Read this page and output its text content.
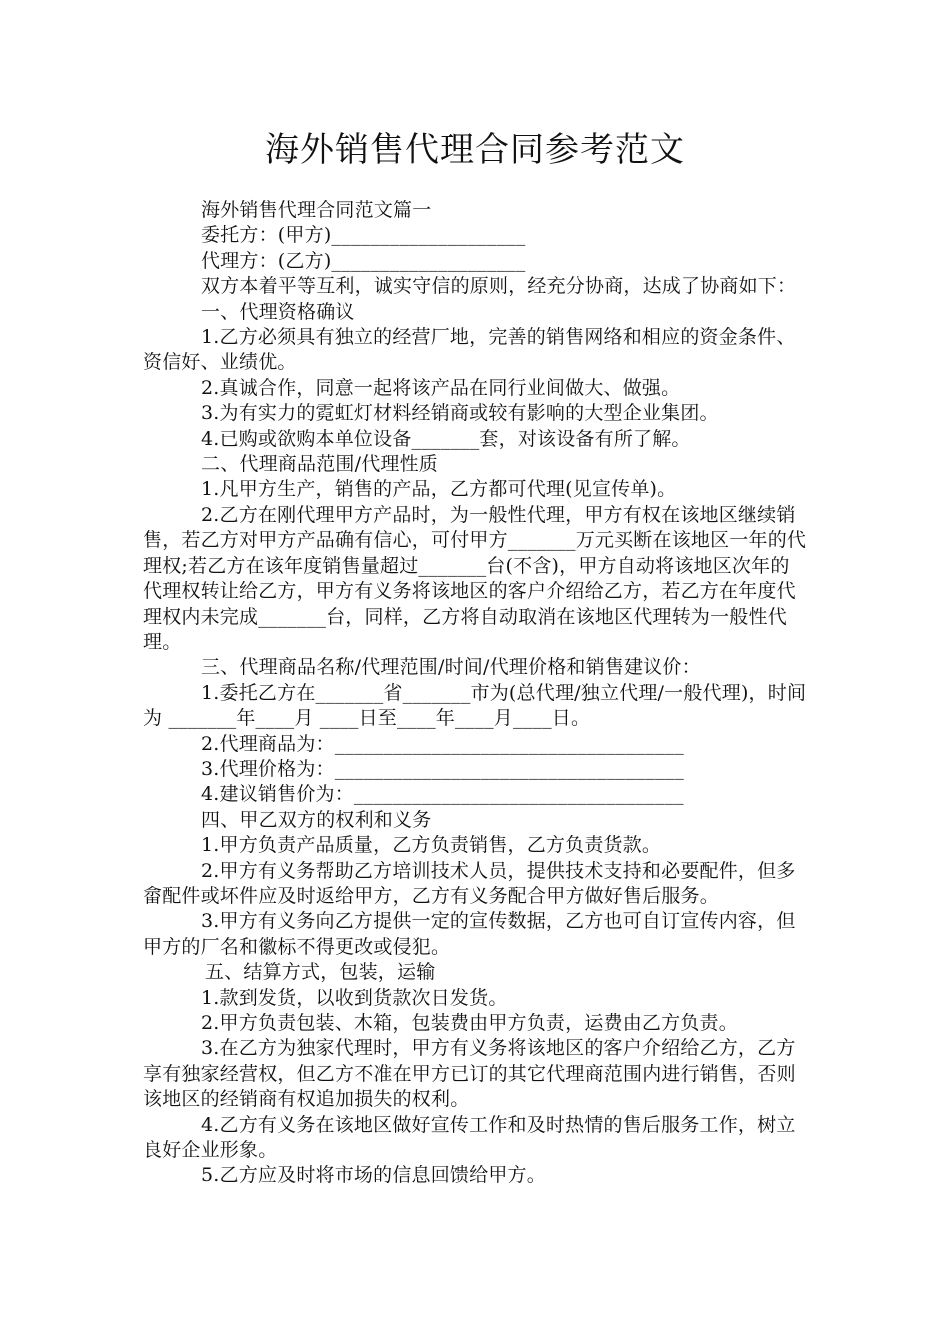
海外销售代理合同参考范文

海外销售代理合同范文篇一

委托方：(甲方)____________________

代理方：(乙方)____________________

双方本着平等互利，诚实守信的原则，经充分协商，达成了协商如下：

一、代理资格确议

1.乙方必须具有独立的经营厂地，完善的销售网络和相应的资金条件、资信好、业绩优。

2.真诚合作，同意一起将该产品在同行业间做大、做强。

3.为有实力的霓虹灯材料经销商或较有影响的大型企业集团。

4.已购或欲购本单位设备_______套，对该设备有所了解。

二、代理商品范围/代理性质

1.凡甲方生产，销售的产品，乙方都可代理(见宣传单)。

2.乙方在刚代理甲方产品时，为一般性代理，甲方有权在该地区继续销售，若乙方对甲方产品确有信心，可付甲方_______万元买断在该地区一年的代理权;若乙方在该年度销售量超过_______台(不含)，甲方自动将该地区次年的代理权转让给乙方，甲方有义务将该地区的客户介绍给乙方，若乙方在年度代理权内未完成_______台，同样，乙方将自动取消在该地区代理转为一般性代理。

三、代理商品名称/代理范围/时间/代理价格和销售建议价：

1.委托乙方在_______省_______市为(总代理/独立代理/一般代理)，时间为 _______年____月 ____日至____年____月____日。

2.代理商品为：____________________________________

3.代理价格为：____________________________________

4.建议销售价为：__________________________________

四、甲乙双方的权利和义务

1.甲方负责产品质量，乙方负责销售，乙方负责货款。

2.甲方有义务帮助乙方培训技术人员，提供技术支持和必要配件，但多畲配件或坏件应及时返给甲方，乙方有义务配合甲方做好售后服务。

3.甲方有义务向乙方提供一定的宣传数据，乙方也可自订宣传内容，但甲方的厂名和徽标不得更改或侵犯。

五、结算方式，包装，运输

1.款到发货，以收到货款次日发货。

2.甲方负责包装、木箱，包装费由甲方负责，运费由乙方负责。

3.在乙方为独家代理时，甲方有义务将该地区的客户介绍给乙方，乙方享有独家经营权，但乙方不准在甲方已订的其它代理商范围内进行销售，否则该地区的经销商有权追加损失的权利。

4.乙方有义务在该地区做好宣传工作和及时热情的售后服务工作，树立良好企业形象。

5.乙方应及时将市场的信息回馈给甲方。
